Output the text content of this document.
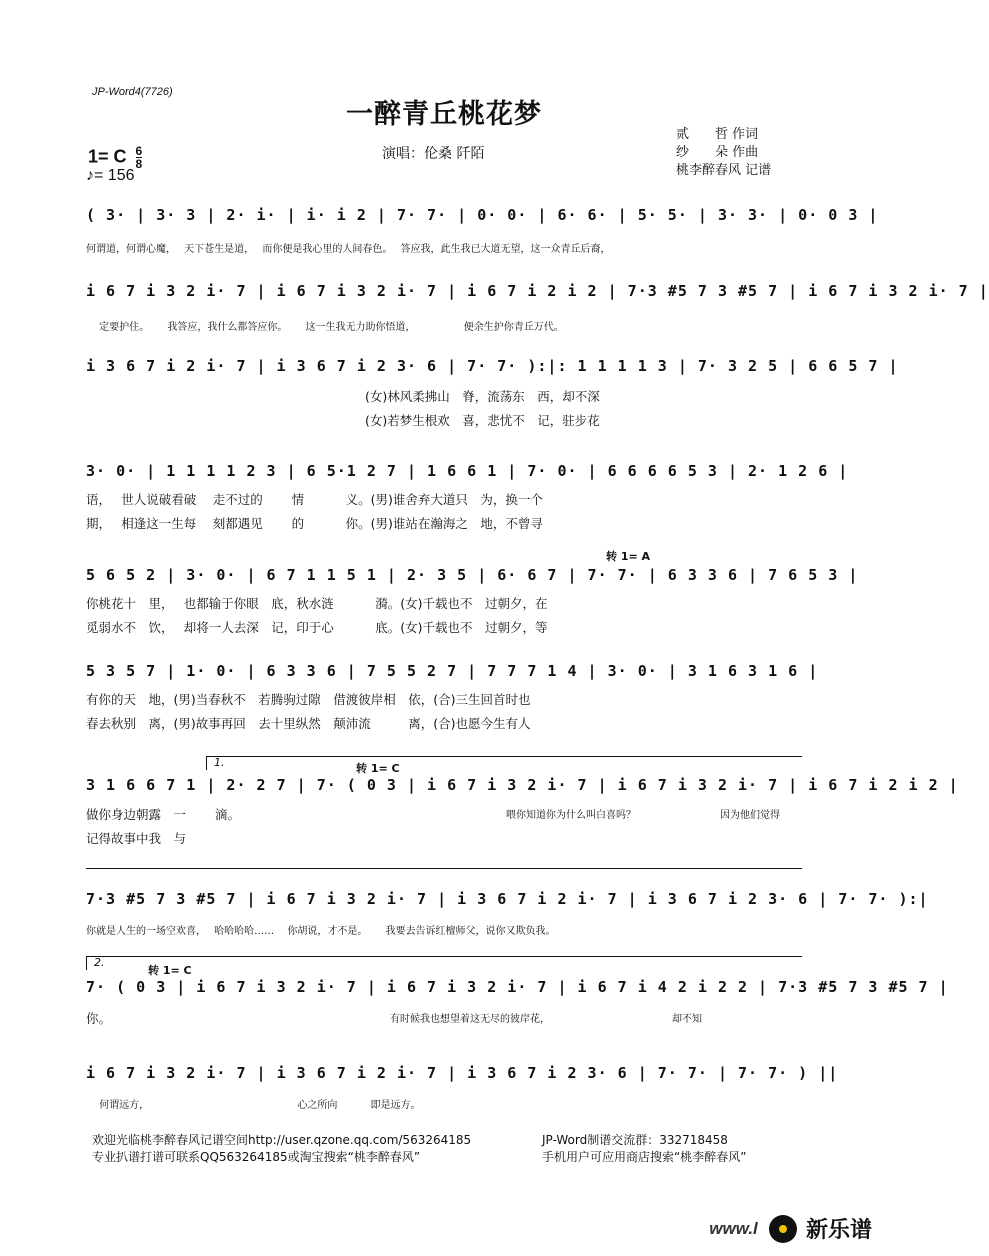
JP-Word4(7726)
一醉青丘桃花梦
1= C $\frac{6}{8}$
♪= 156
演唱：伦桑 阡陌
贰　　哲 作词
纱　　朵 作曲
桃李醉春风 记谱
( 3· | 3· 3 | 2· i· | i· i 2 | 7· 7· | 0· 0· | 6· 6· | 5· 5· | 3· 3· | 0· 0 3 |
何谓道，何谓心魔，　 天下苍生是道，　 而你便是我心里的人间春色。　 答应我，此生我已大道无望，这一众青丘后裔，
i 6 7 i 3 2 i· 7 | i 6 7 i 3 2 i· 7 | i 6 7 i 2 i 2 | 7·3 #5 7 3 #5 7 | i 6 7 i 3 2 i· 7 |
　 定要护住。　　 我答应，我什么都答应你。　　 这一生我无力助你悟道，　　　　　 便余生护你青丘万代。
i 3 6 7 i 2 i· 7 | i 3 6 7 i 2 3· 6 | 7· 7· ):|: 1 1 1 1 3 | 7· 3 2 5 | 6 6 5 7 |
　　　　　　　　　　　　　　　　　　　　　　 (女)林风柔拂山　脊，流荡东　西，却不深
　　　　　　　　　　　　　　　　　　　　　　 (女)若梦生根欢　喜，悲忧不　记，驻步花
3· 0· | 1 1 1 1 2 3 | 6 5·1 2 7 | 1 6 6 1 | 7· 0· | 6 6 6 6 5 3 | 2· 1 2 6 |
语，　 世人说破看破　 走不过的　　 情　　　 义。(男)谁舍弃大道只　为，换一个
期，　 相逢这一生每　 刻都遇见　　 的　　　 你。(男)谁站在瀚海之　地，不曾寻
转 1= A
5 6 5 2 | 3· 0· | 6 7 1 1 5 1 | 2· 3 5 | 6· 6 7 | 7· 7· | 6 3 3 6 | 7 6 5 3 |
你桃花十　里，　 也都输于你眼　底，秋水涟　　　 漪。(女)千载也不　过朝夕，在
觅弱水不　饮，　 却将一人去深　记，印于心　　　 底。(女)千载也不　过朝夕，等
5 3 5 7 | 1· 0· | 6 3 3 6 | 7 5 5 2 7 | 7 7 7 1 4 | 3· 0· | 3 1 6 3 1 6 |
有你的天　地，(男)当春秋不　若腾驹过隙　借渡彼岸相　依，(合)三生回首时也
春去秋别　离，(男)故事再回　去十里纵然　颠沛流　　　离，(合)也愿今生有人
1.	转 1= C
3 1 6 6 7 1 | 2· 2 7 | 7· ( 0 3 | i 6 7 i 3 2 i· 7 | i 6 7 i 3 2 i· 7 | i 6 7 i 2 i 2 |
做你身边朝露　一　　 滴。	喂你知道你为什么叫白喜吗？	因为他们觉得
记得故事中我　与
7·3 #5 7 3 #5 7 | i 6 7 i 3 2 i· 7 | i 3 6 7 i 2 i· 7 | i 3 6 7 i 2 3· 6 | 7· 7· ):|
你就是人生的一场空欢喜，　 哈哈哈哈……　 你胡说，才不是。　　 我要去告诉红檀师父，说你又欺负我。
2.
转 1= C
7· ( 0 3 | i 6 7 i 3 2 i· 7 | i 6 7 i 3 2 i· 7 | i 6 7 i 4 2 i 2 2 | 7·3 #5 7 3 #5 7 |
你。	有时候我也想望着这无尽的彼岸花，	却不知
i 6 7 i 3 2 i· 7 | i 3 6 7 i 2 i· 7 | i 3 6 7 i 2 3· 6 | 7· 7· | 7· 7· ) ||
　 何谓远方，　　　　　　　　　　　　　　　 心之所向　　　 即是远方。
欢迎光临桃李醉春风记谱空间http://user.qzone.qq.com/563264185	JP-Word制谱交流群：332718458
专业扒谱打谱可联系QQ563264185或淘宝搜索“桃李醉春风”	手机用户可应用商店搜索“桃李醉春风”
www.l 新乐谱
